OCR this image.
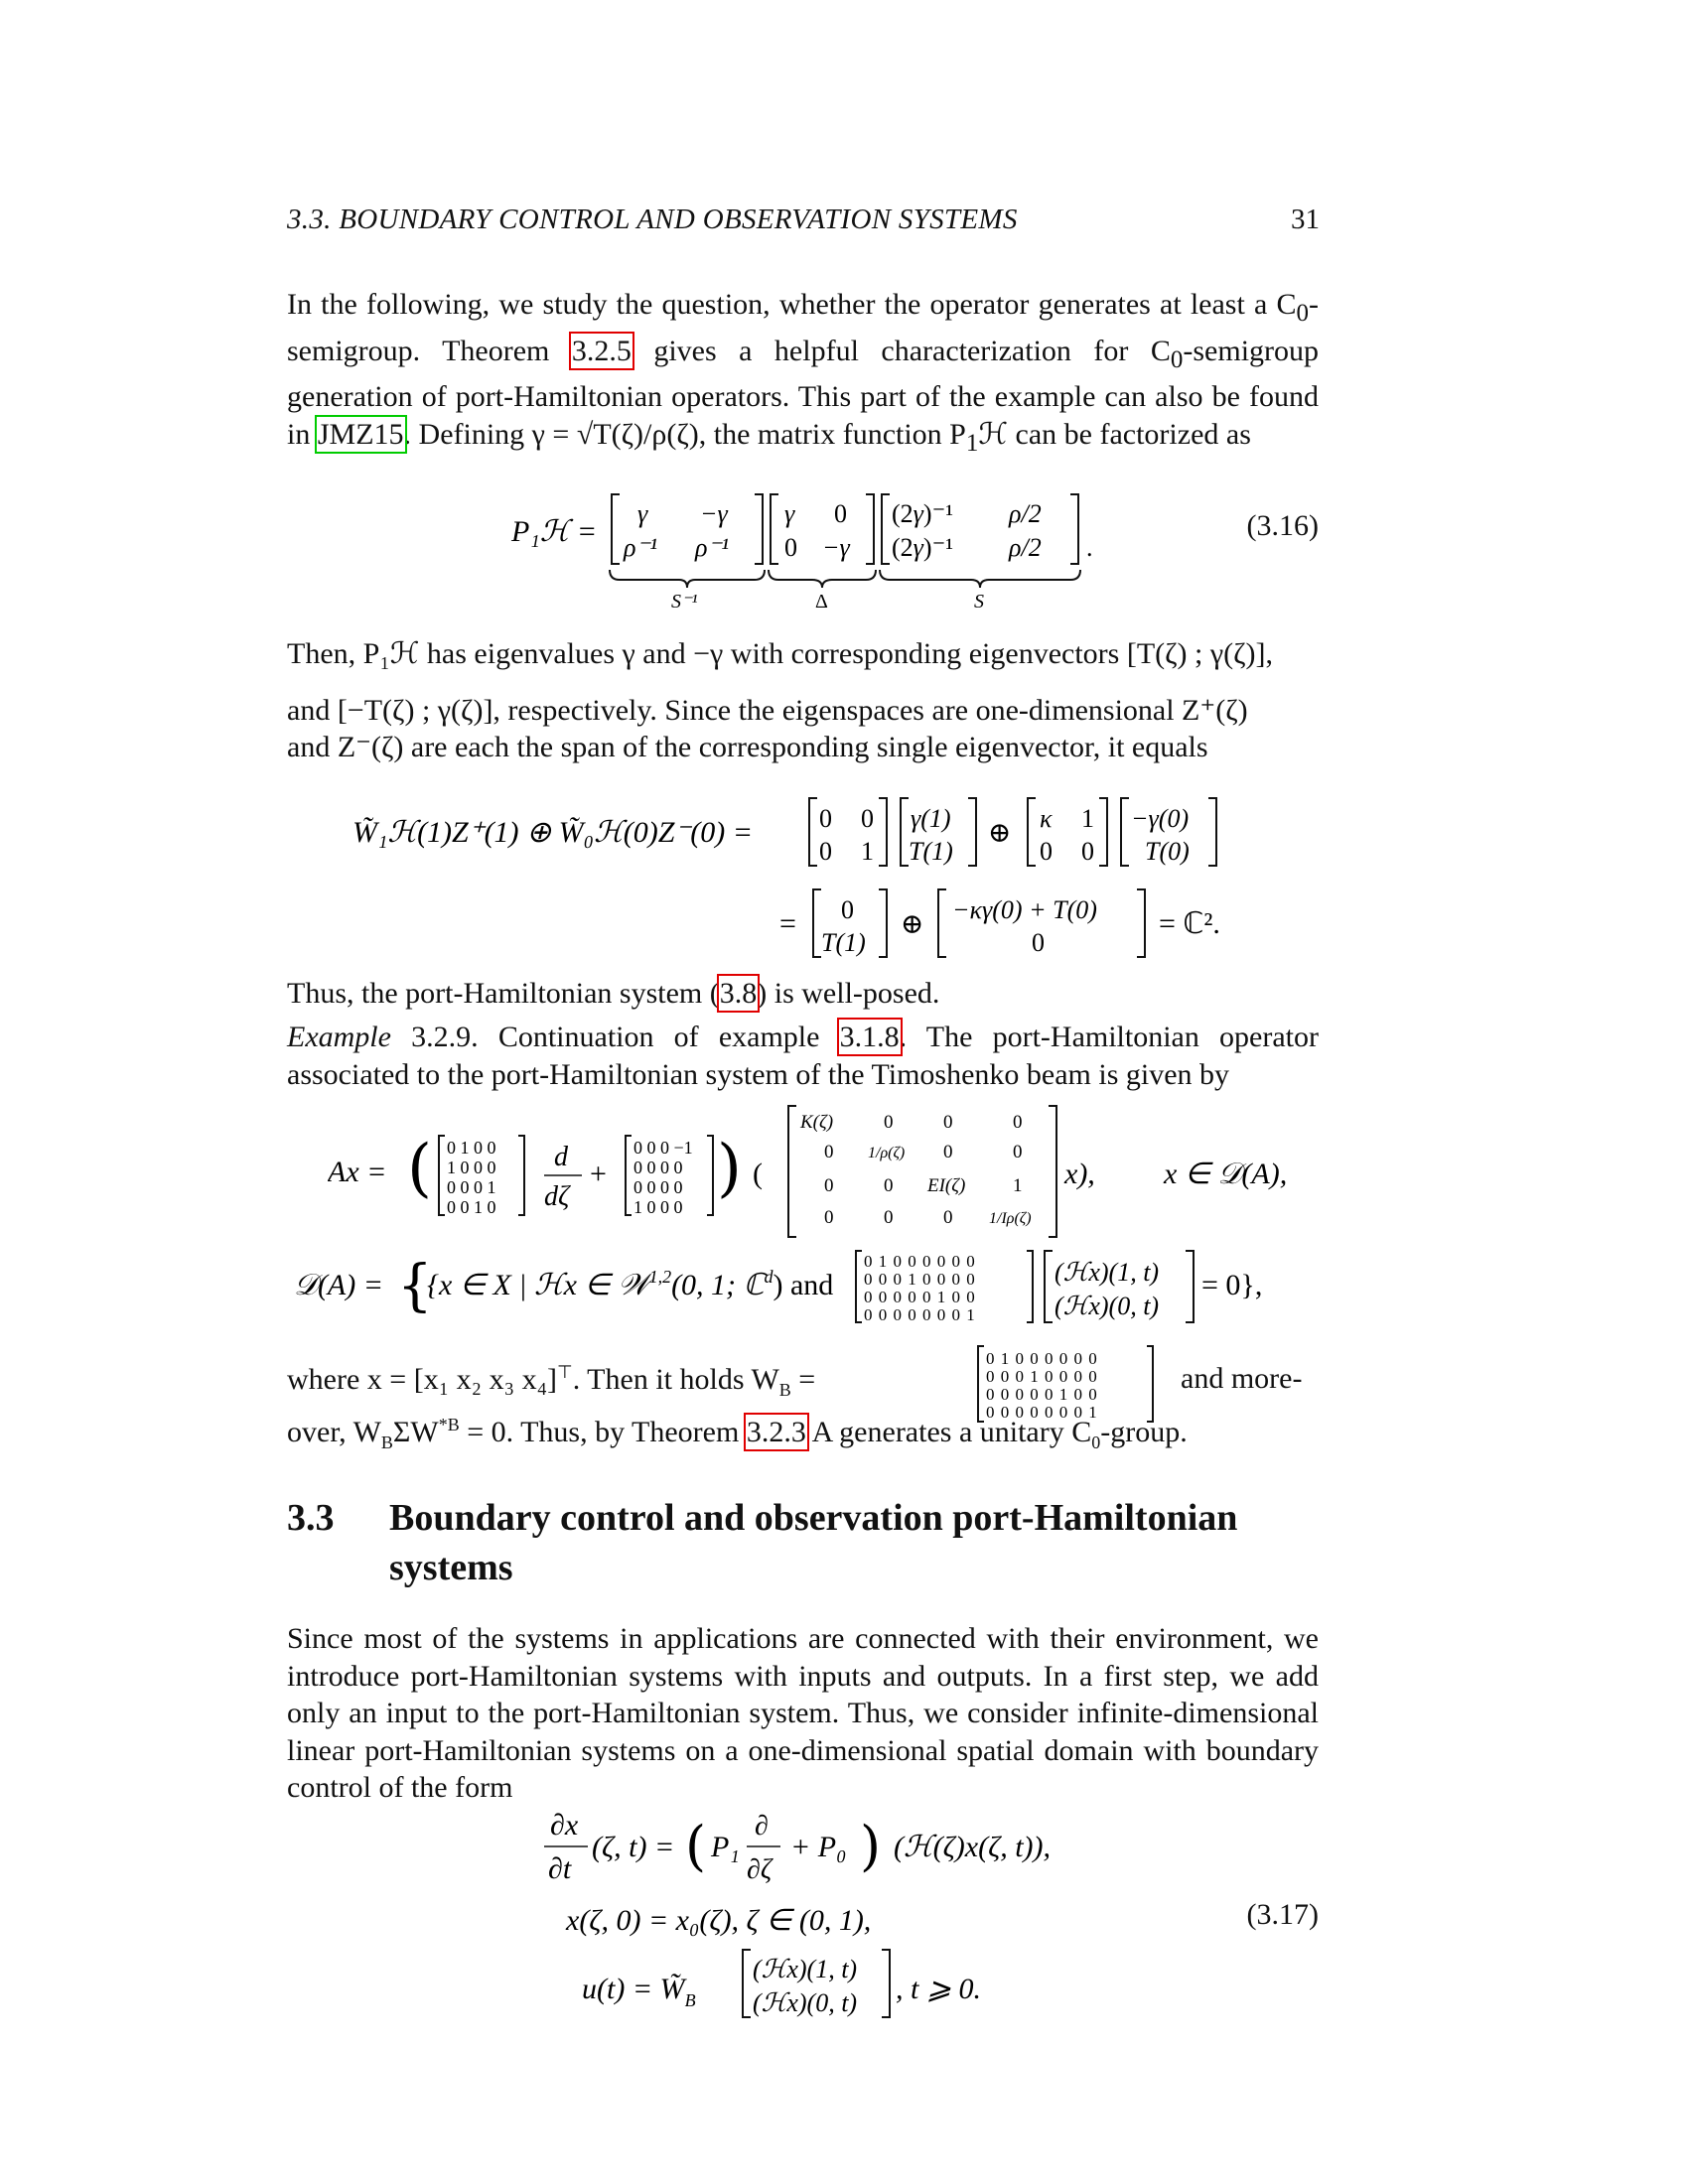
3.3. BOUNDARY CONTROL AND OBSERVATION SYSTEMS	31

In the following, we study the question, whether the operator generates at least a $C_0$-semigroup. Theorem 3.2.5 gives a helpful characterization for $C_0$-semigroup generation of port-Hamiltonian operators. This part of the example can also be found in JMZ15. Defining γ = √T(ζ)/ρ(ζ), the matrix function $P_1ℋ$ can be factorized as

P₁ℋ =
γ −γ
ρ⁻¹ ρ⁻¹
γ 0
0 −γ
(2γ)⁻¹ ρ/2
(2γ)⁻¹ ρ/2 .
S⁻¹	Δ	S
(3.16)

Then, P₁ℋ has eigenvalues γ and −γ with corresponding eigenvectors [T(ζ) ; γ(ζ)],

and [−T(ζ) ; γ(ζ)], respectively. Since the eigenspaces are one-dimensional Z⁺(ζ)

and Z⁻(ζ) are each the span of the corresponding single eigenvector, it equals

W̃₁ℋ(1)Z⁺(1) ⊕ W̃₀ℋ(0)Z⁻(0) =	0 0
0 1
γ(1)
T(1)
⊕ κ 1
0 0
−γ(0)
T(0)
= 0
T(1)
⊕ −κγ(0) + T(0)
0
= ℂ².

Thus, the port-Hamiltonian system (3.8) is well-posed.

Example 3.2.9. Continuation of example 3.1.8. The port-Hamiltonian operator associated to the port-Hamiltonian system of the Timoshenko beam is given by

Ax = ( 0 1 0 0
1 0 0 0
0 0 0 1
0 0 1 0
d
dζ
+
0 0 0 −1
0 0 0 0
0 0 0 0
1 0 0 0
) (
K(ζ)	0	0	0
0 1/ρ(ζ) 0	0
0	0 EI(ζ)	1
0	0	0 1/Iρ(ζ)
x), x ∈ 𝒟(A),
𝒟(A) = {
{x ∈ X | ℋx ∈ 𝒲$^{1,2}$(0, 1; ℂ$^d$) and
0 1 0 0 0 0 0 0
0 0 0 1 0 0 0 0
0 0 0 0 0 1 0 0
0 0 0 0 0 0 0 1
(ℋx)(1, t)
(ℋx)(0, t)
= 0},
where x = [x₁ x₂ x₃ x₄]⊤. Then it holds $W_B$ =
0 1 0 0 0 0 0 0
0 0 0 1 0 0 0 0
0 0 0 0 0 1 0 0
0 0 0 0 0 0 0 1
and more-
over, $W_B\Sigma W^{*B} = 0$. Thus, by Theorem 3.2.3 A generates a unitary $C_0$-group.
3.3 Boundary control and observation port-Hamiltonian systems

Since most of the systems in applications are connected with their environment, we introduce port-Hamiltonian systems with inputs and outputs. In a first step, we add only an input to the port-Hamiltonian system. Thus, we consider infinite-dimensional linear port-Hamiltonian systems on a one-dimensional spatial domain with boundary control of the form

∂x
∂t
(ζ, t) = ( P₁
∂
∂ζ
+ P₀ ) (ℋ(ζ)x(ζ, t)),
x(ζ, 0) = x₀(ζ), ζ ∈ (0, 1),
$u(t) = W̃_B$
(ℋx)(1, t)
(ℋx)(0, t) , t ⩾ 0.
(3.17)
